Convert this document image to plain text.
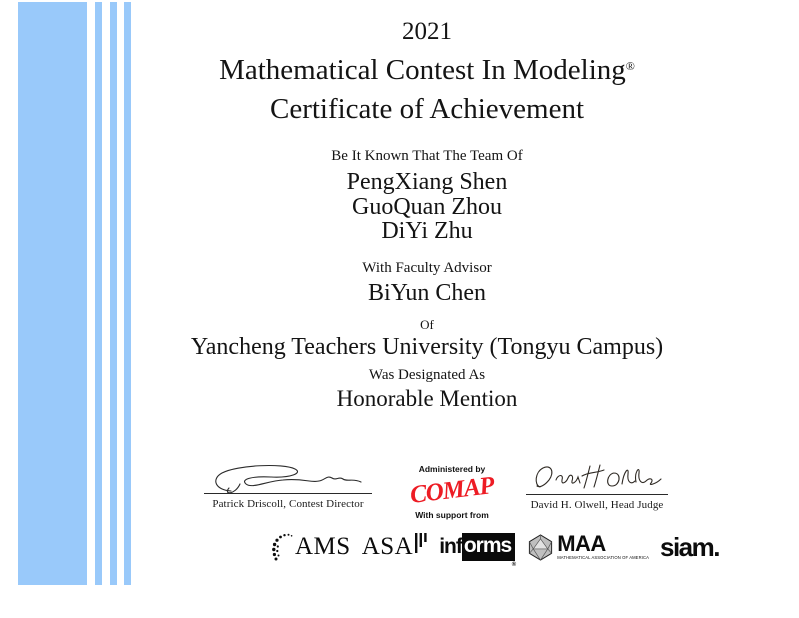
2021
Mathematical Contest In Modeling®
Certificate of Achievement
Be It Known That The Team Of
PengXiang Shen
GuoQuan Zhou
DiYi Zhu
With Faculty Advisor
BiYun Chen
Of
Yancheng Teachers University (Tongyu Campus)
Was Designated As
Honorable Mention
Patrick Driscoll, Contest Director
Administered by
COMAP
With support from
David H. Olwell, Head Judge
AMS ASA inf orms
®
MAA
MATHEMATICAL ASSOCIATION OF AMERICA siam.
